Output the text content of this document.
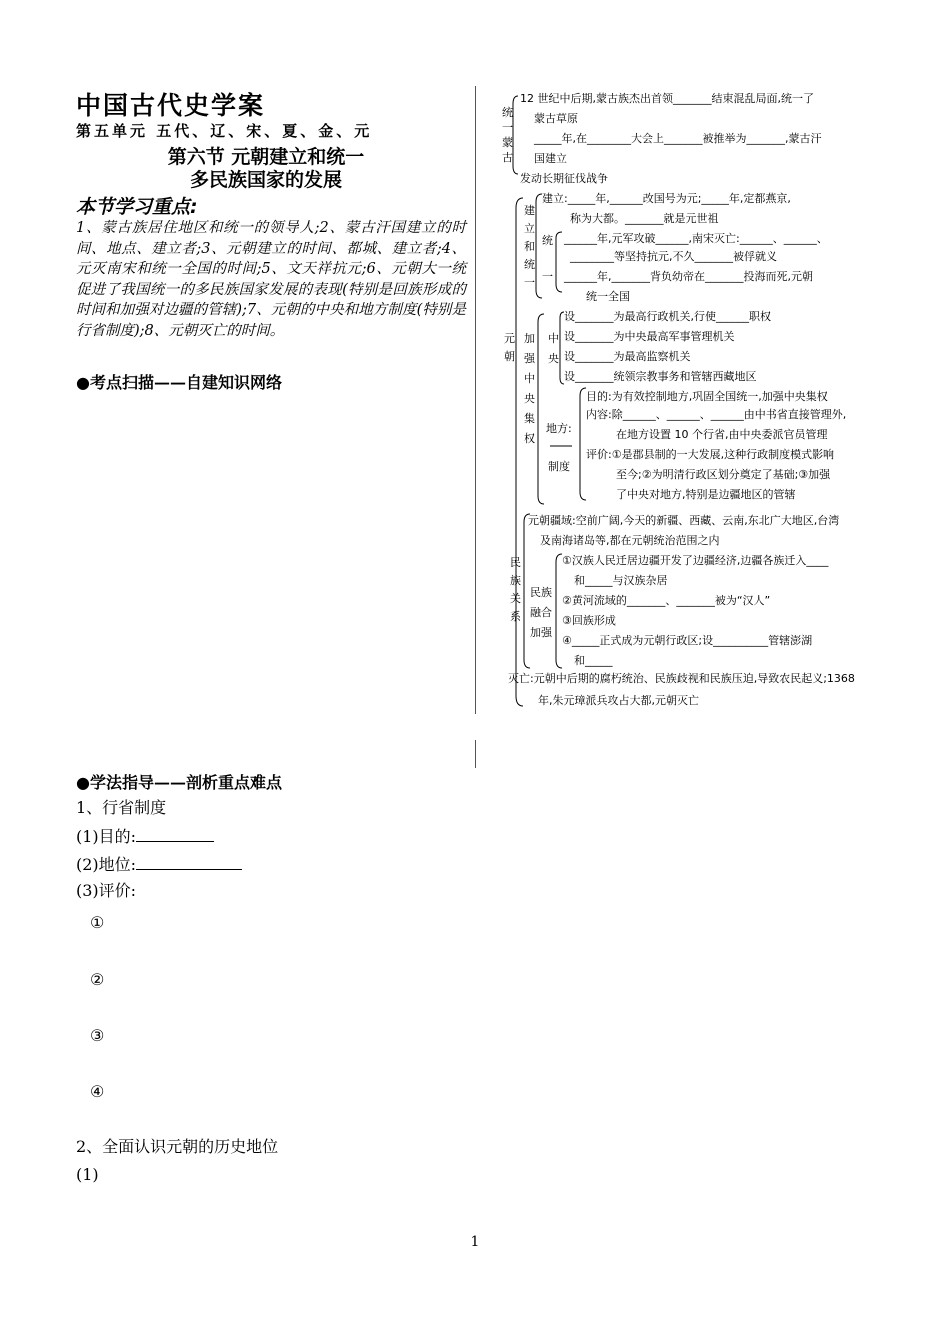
中国古代史学案
第五单元 五代、辽、宋、夏、金、元
第六节 元朝建立和统一
多民族国家的发展
本节学习重点:
1、蒙古族居住地区和统一的领导人;2、蒙古汗国建立的时间、地点、建立者;3、元朝建立的时间、都城、建立者;4、元灭南宋和统一全国的时间;5、文天祥抗元;6、元朝大一统促进了我国统一的多民族国家发展的表现(特别是回族形成的时间和加强对边疆的管辖);7、元朝的中央和地方制度(特别是行省制度);8、元朝灭亡的时间。
●考点扫描——自建知识网络
统
一
蒙
古
12 世纪中后期,蒙古族杰出首领_______结束混乱局面,统一了
蒙古草原
_____年,在________大会上_______被推举为_______,蒙古汗
国建立
发动长期征伐战争
元
朝
建
立
和
统
一
建立:_____年,______改国号为元;_____年,定都燕京,
称为大都。_______就是元世祖
统
一
______年,元军攻破______,南宋灭亡:______、______、
________等坚持抗元,不久_______被俘就义
______年,_______背负幼帝在_______投海而死,元朝
统一全国
加
强
中
央
集
权
中
央
设_______为最高行政机关,行使______职权
设_______为中央最高军事管理机关
设_______为最高监察机关
设_______统领宗教事务和管辖西藏地区
地方:
制度
目的:为有效控制地方,巩固全国统一,加强中央集权
内容:除______、______、______由中书省直接管理外,
在地方设置 10 个行省,由中央委派官员管理
评价:①是郡县制的一大发展,这种行政制度模式影响
至今;②为明清行政区划分奠定了基础;③加强
了中央对地方,特别是边疆地区的管辖
民
族
关
系
元朝疆域:空前广阔,今天的新疆、西藏、云南,东北广大地区,台湾
及南海诸岛等,都在元朝统治范围之内
民族
融合
加强
①汉族人民迁居边疆开发了边疆经济,边疆各族迁入____
和_____与汉族杂居
②黄河流域的_______、_______被为“汉人”
③回族形成
④_____正式成为元朝行政区;设__________管辖澎湖
和_____
灭亡:元朝中后期的腐朽统治、民族歧视和民族压迫,导致农民起义;1368
年,朱元璋派兵攻占大都,元朝灭亡
●学法指导——剖析重点难点
1、行省制度
(1)目的:
(2)地位:
(3)评价:
①
②
③
④
2、全面认识元朝的历史地位
(1)
1
